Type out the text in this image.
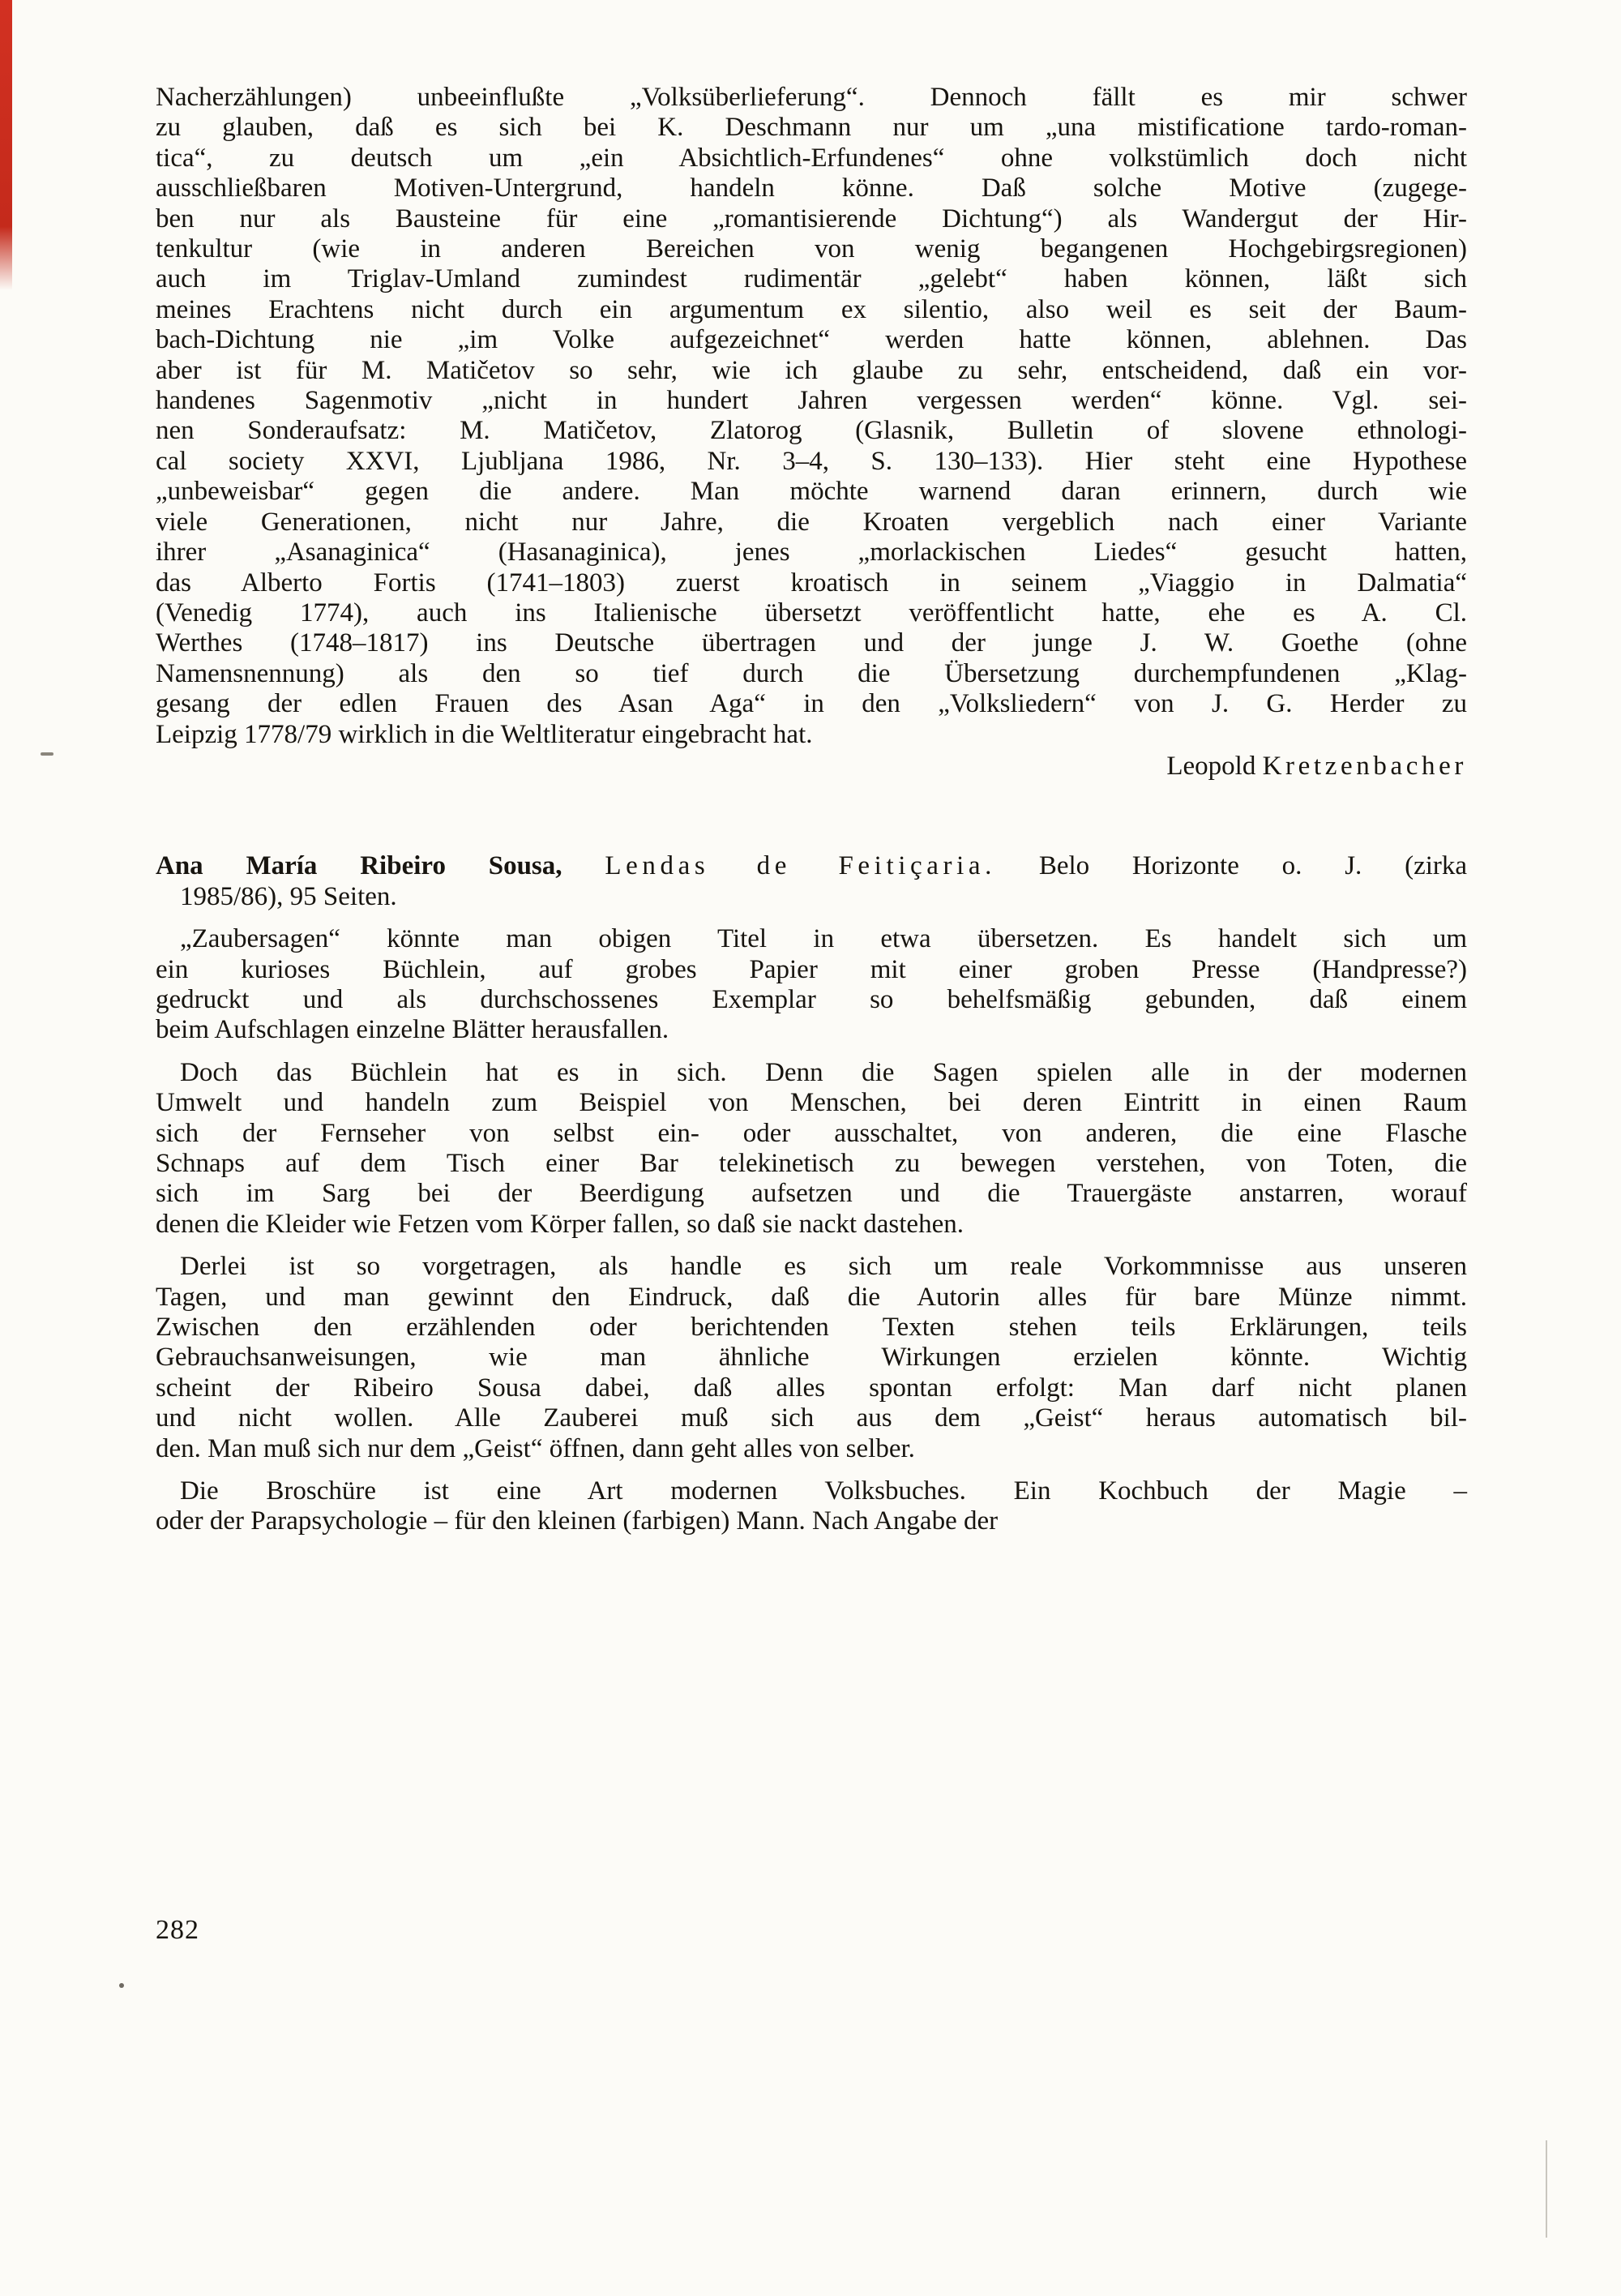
Nacherzählungen) unbeeinflußte „Volksüberlieferung“. Dennoch fällt es mir schwer
zu glauben, daß es sich bei K. Deschmann nur um „una mistificatione tardo-roman-
tica“, zu deutsch um „ein Absichtlich-Erfundenes“ ohne volkstümlich doch nicht
ausschließbaren Motiven-Untergrund, handeln könne. Daß solche Motive (zugege-
ben nur als Bausteine für eine „romantisierende Dichtung“) als Wandergut der Hir-
tenkultur (wie in anderen Bereichen von wenig begangenen Hochgebirgsregionen)
auch im Triglav-Umland zumindest rudimentär „gelebt“ haben können, läßt sich
meines Erachtens nicht durch ein argumentum ex silentio, also weil es seit der Baum-
bach-Dichtung nie „im Volke aufgezeichnet“ werden hatte können, ablehnen. Das
aber ist für M. Matičetov so sehr, wie ich glaube zu sehr, entscheidend, daß ein vor-
handenes Sagenmotiv „nicht in hundert Jahren vergessen werden“ könne. Vgl. sei-
nen Sonderaufsatz: M. Matičetov, Zlatorog (Glasnik, Bulletin of slovene ethnologi-
cal society XXVI, Ljubljana 1986, Nr. 3–4, S. 130–133). Hier steht eine Hypothese
„unbeweisbar“ gegen die andere. Man möchte warnend daran erinnern, durch wie
viele Generationen, nicht nur Jahre, die Kroaten vergeblich nach einer Variante
ihrer „Asanaginica“ (Hasanaginica), jenes „morlackischen Liedes“ gesucht hatten,
das Alberto Fortis (1741–1803) zuerst kroatisch in seinem „Viaggio in Dalmatia“
(Venedig 1774), auch ins Italienische übersetzt veröffentlicht hatte, ehe es A. Cl.
Werthes (1748–1817) ins Deutsche übertragen und der junge J. W. Goethe (ohne
Namensnennung) als den so tief durch die Übersetzung durchempfundenen „Klag-
gesang der edlen Frauen des Asan Aga“ in den „Volksliedern“ von J. G. Herder zu
Leipzig 1778/79 wirklich in die Weltliteratur eingebracht hat.
Leopold Kretzenbacher
Ana María Ribeiro Sousa, Lendas de Feitiçaria. Belo Horizonte o. J. (zirka
1985/86), 95 Seiten.
„Zaubersagen“ könnte man obigen Titel in etwa übersetzen. Es handelt sich um
ein kurioses Büchlein, auf grobes Papier mit einer groben Presse (Handpresse?)
gedruckt und als durchschossenes Exemplar so behelfsmäßig gebunden, daß einem
beim Aufschlagen einzelne Blätter herausfallen.
Doch das Büchlein hat es in sich. Denn die Sagen spielen alle in der modernen
Umwelt und handeln zum Beispiel von Menschen, bei deren Eintritt in einen Raum
sich der Fernseher von selbst ein- oder ausschaltet, von anderen, die eine Flasche
Schnaps auf dem Tisch einer Bar telekinetisch zu bewegen verstehen, von Toten, die
sich im Sarg bei der Beerdigung aufsetzen und die Trauergäste anstarren, worauf
denen die Kleider wie Fetzen vom Körper fallen, so daß sie nackt dastehen.
Derlei ist so vorgetragen, als handle es sich um reale Vorkommnisse aus unseren
Tagen, und man gewinnt den Eindruck, daß die Autorin alles für bare Münze nimmt.
Zwischen den erzählenden oder berichtenden Texten stehen teils Erklärungen, teils
Gebrauchsanweisungen, wie man ähnliche Wirkungen erzielen könnte. Wichtig
scheint der Ribeiro Sousa dabei, daß alles spontan erfolgt: Man darf nicht planen
und nicht wollen. Alle Zauberei muß sich aus dem „Geist“ heraus automatisch bil-
den. Man muß sich nur dem „Geist“ öffnen, dann geht alles von selber.
Die Broschüre ist eine Art modernen Volksbuches. Ein Kochbuch der Magie –
oder der Parapsychologie – für den kleinen (farbigen) Mann. Nach Angabe der
282
